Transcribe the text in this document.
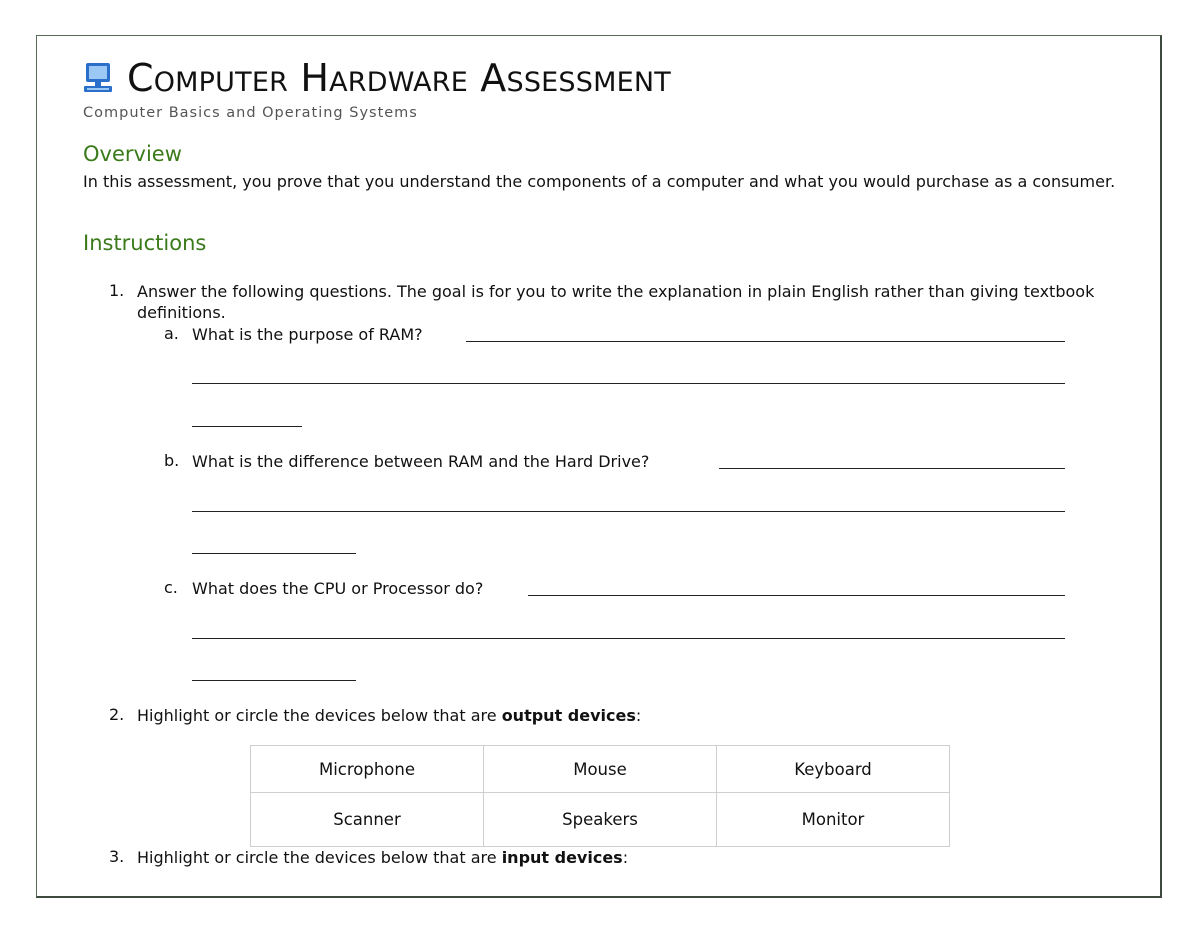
Computer Hardware Assessment
Computer Basics and Operating Systems
Overview
In this assessment, you prove that you understand the components of a computer and what you would purchase as a consumer.
Instructions
1. Answer the following questions. The goal is for you to write the explanation in plain English rather than giving textbook definitions.
a. What is the purpose of RAM?
b. What is the difference between RAM and the Hard Drive?
c. What does the CPU or Processor do?
2. Highlight or circle the devices below that are output devices:
Microphone	Mouse	Keyboard
Scanner	Speakers	Monitor
3. Highlight or circle the devices below that are input devices:
